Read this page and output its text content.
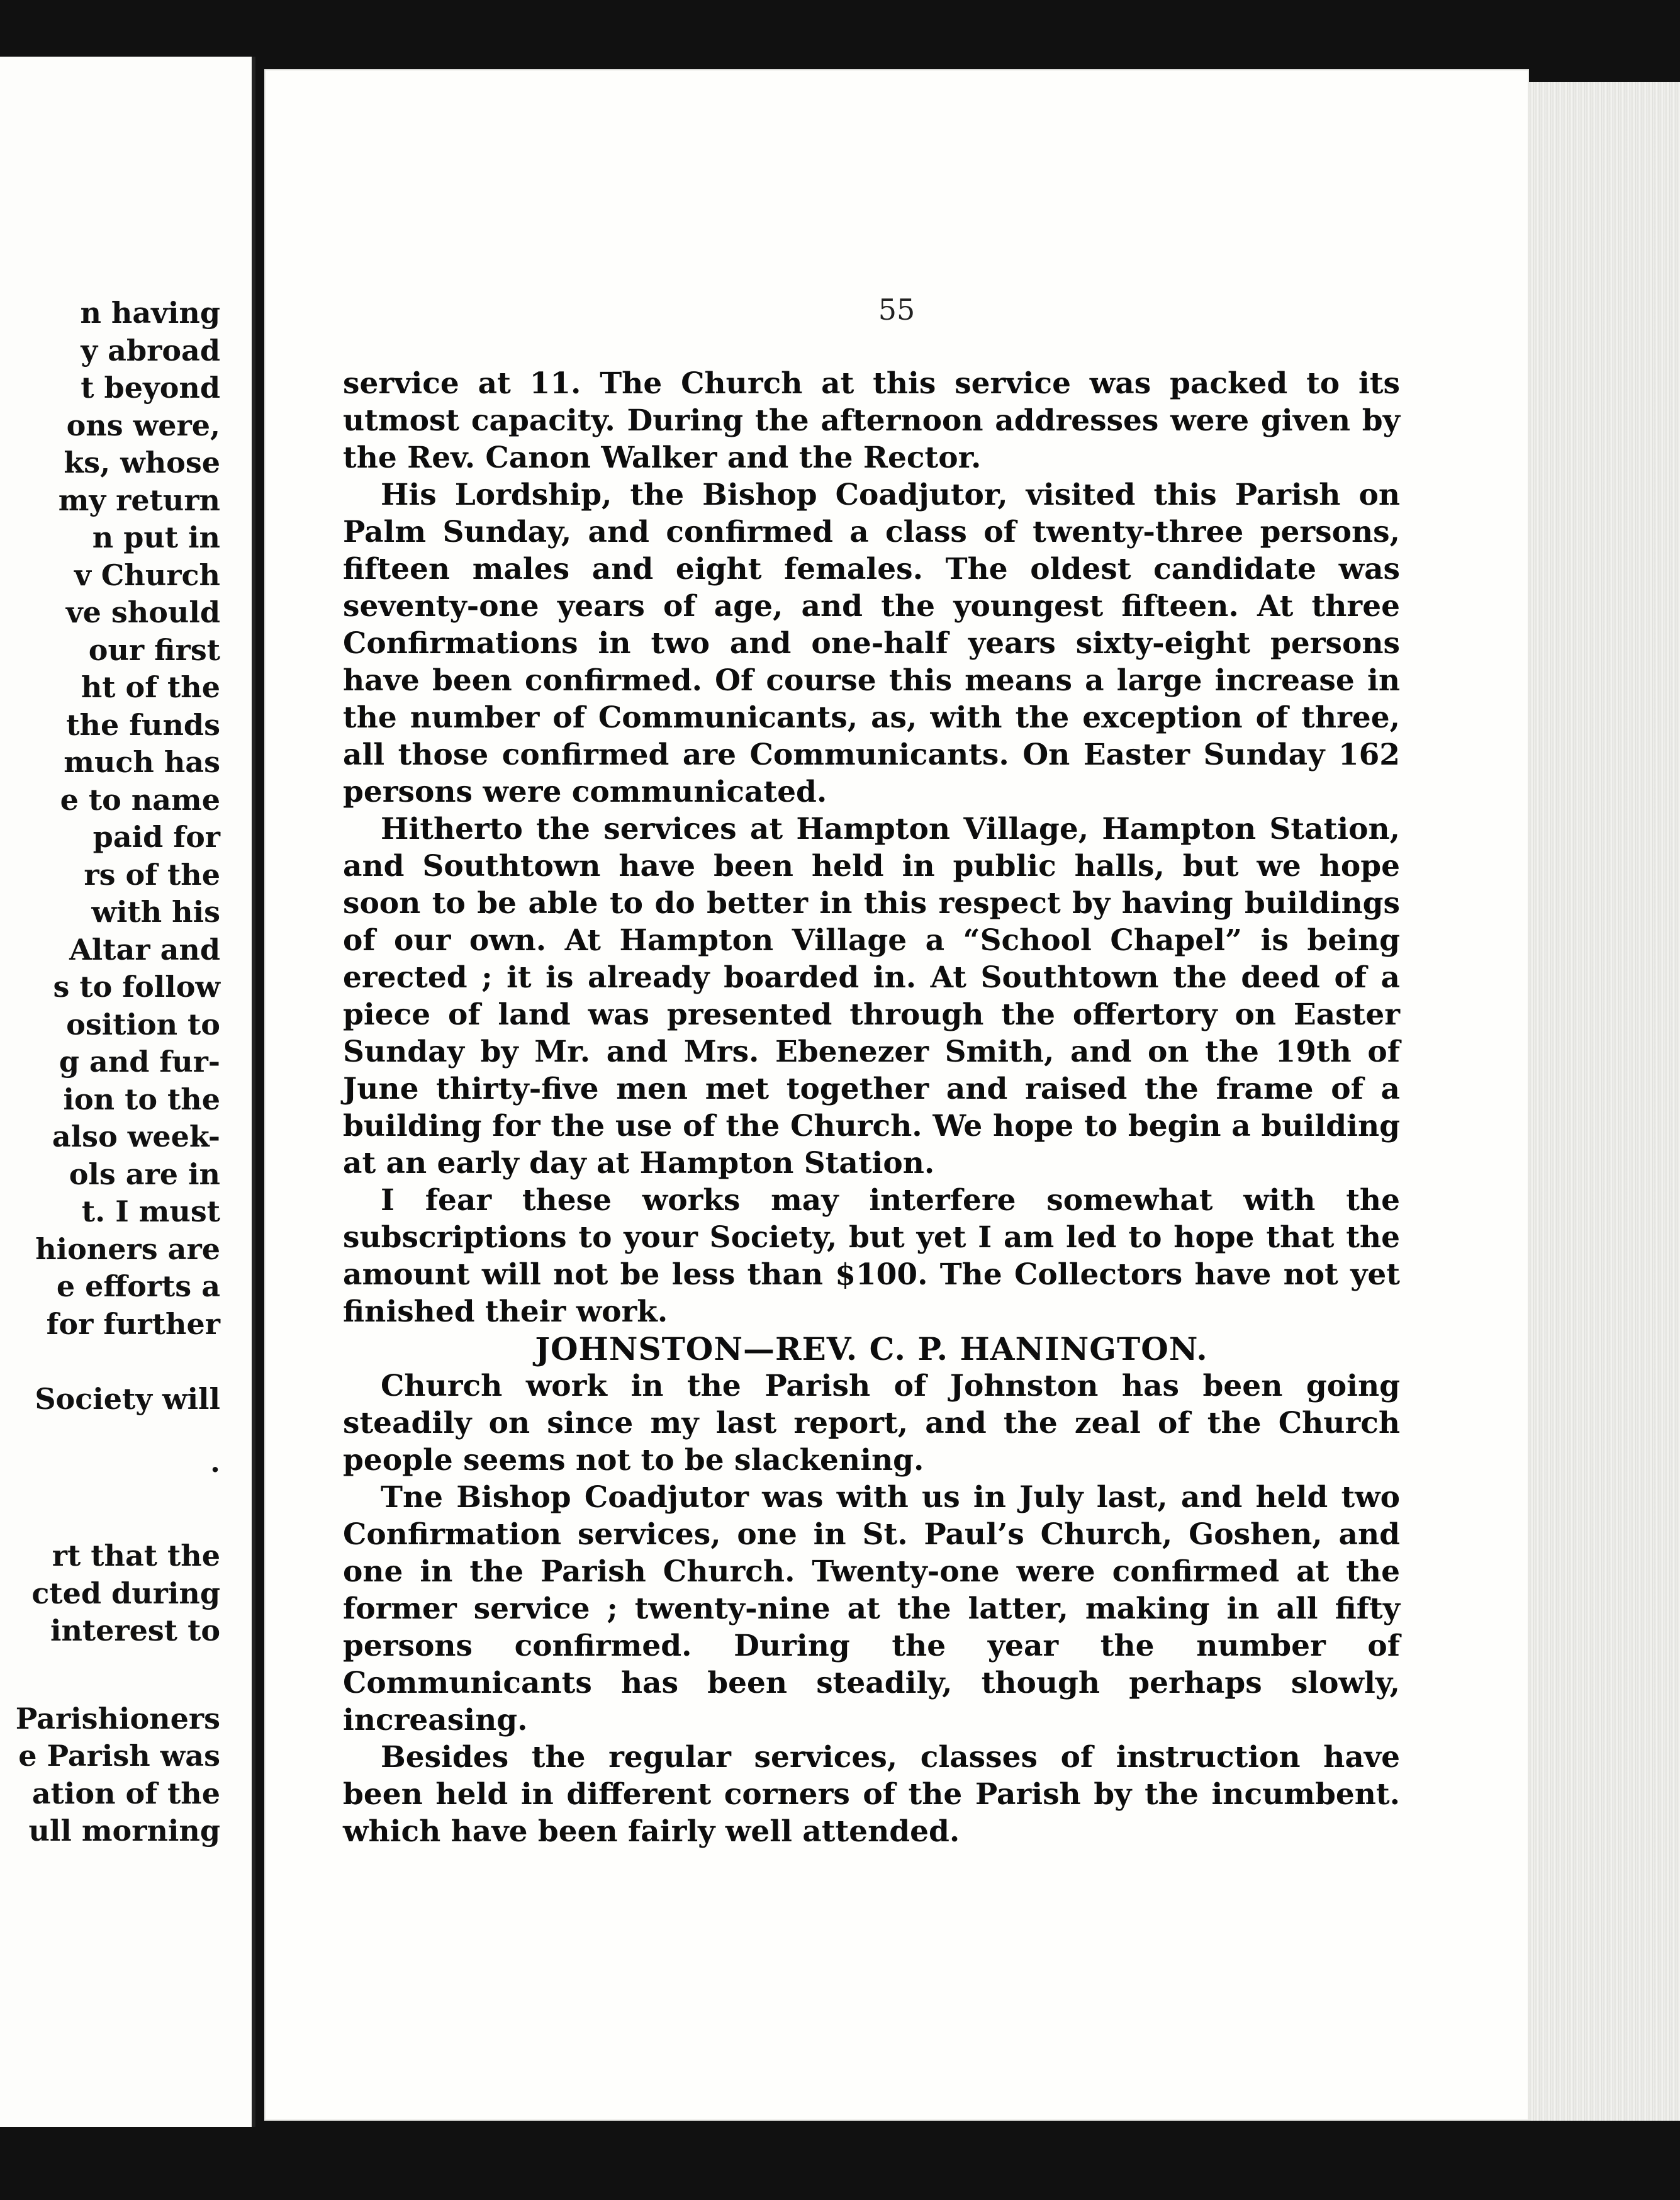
n having
y abroad
t beyond
ons were,
ks, whose
my return
n put in
v Church
ve should
our first
ht of the
the funds
much has
e to name
paid for
rs of the
with his
Altar and
s to follow
osition to
g and fur-
ion to the
also week-
ols are in
t. I must
hioners are
e efforts a
for further
Society will
.
rt that the
cted during
interest to
Parishioners
e Parish was
ation of the
ull morning
55

service at 11. The Church at this service was packed to its utmost capacity. During the afternoon addresses were given by the Rev. Canon Walker and the Rector.

His Lordship, the Bishop Coadjutor, visited this Parish on Palm Sunday, and confirmed a class of twenty-three persons, fifteen males and eight females. The oldest candidate was seventy-one years of age, and the youngest fifteen. At three Confirmations in two and one-half years sixty-eight persons have been confirmed. Of course this means a large increase in the number of Communicants, as, with the exception of three, all those confirmed are Communicants. On Easter Sunday 162 persons were communicated.

Hitherto the services at Hampton Village, Hampton Station, and Southtown have been held in public halls, but we hope soon to be able to do better in this respect by having buildings of our own. At Hampton Village a “School Chapel” is being erected ; it is already boarded in. At Southtown the deed of a piece of land was presented through the offertory on Easter Sunday by Mr. and Mrs. Ebenezer Smith, and on the 19th of June thirty-five men met together and raised the frame of a building for the use of the Church. We hope to begin a building at an early day at Hampton Station.

I fear these works may interfere somewhat with the subscriptions to your Society, but yet I am led to hope that the amount will not be less than $100. The Collectors have not yet finished their work.

JOHNSTON—REV. C. P. HANINGTON.

Church work in the Parish of Johnston has been going steadily on since my last report, and the zeal of the Church people seems not to be slackening.

Tne Bishop Coadjutor was with us in July last, and held two Confirmation services, one in St. Paul’s Church, Goshen, and one in the Parish Church. Twenty-one were confirmed at the former service ; twenty-nine at the latter, making in all fifty persons confirmed. During the year the number of Communicants has been steadily, though perhaps slowly, increasing.

Besides the regular services, classes of instruction have been held in different corners of the Parish by the incumbent. which have been fairly well attended.
